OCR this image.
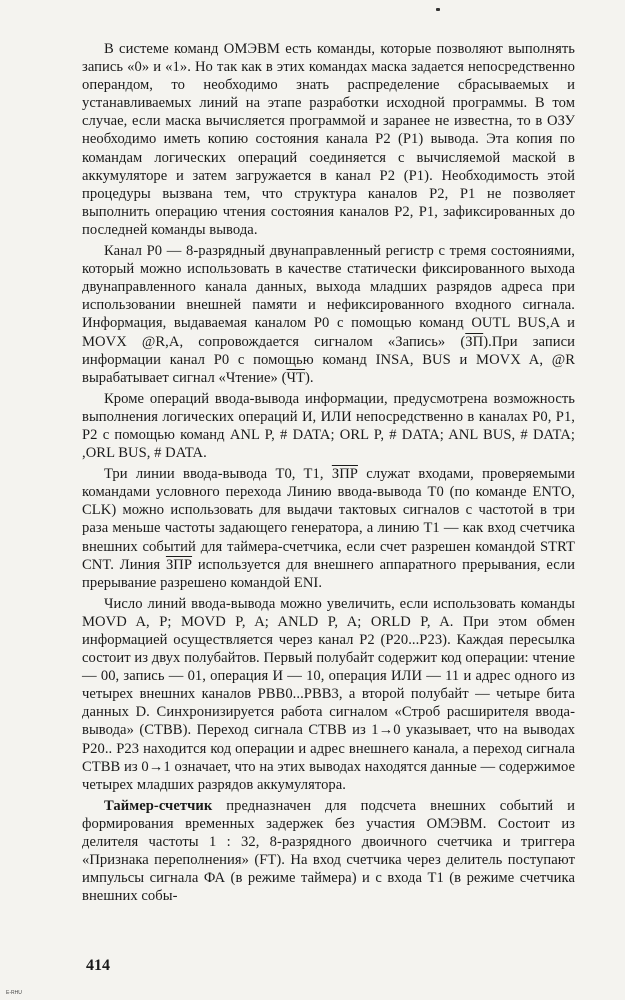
В системе команд ОМЭВМ есть команды, которые позволяют выполнять запись «0» и «1». Но так как в этих командах маска задается непосредственно операндом, то необходимо знать распределение сбрасываемых и устанавливаемых линий на этапе разработки исходной программы. В том случае, если маска вычисляется программой и заранее не известна, то в ОЗУ необходимо иметь копию состояния канала P2 (P1) вывода. Эта копия по командам логических операций соединяется с вычисляемой маской в аккумуляторе и затем загружается в канал P2 (P1). Необходимость этой процедуры вызвана тем, что структура каналов P2, P1 не позволяет выполнить операцию чтения состояния каналов P2, P1, зафиксированных до последней команды вывода.

Канал P0 — 8-разрядный двунаправленный регистр с тремя состояниями, который можно использовать в качестве статически фиксированного выхода двунаправленного канала данных, выхода младших разрядов адреса при использовании внешней памяти и нефиксированного входного сигнала. Информация, выдаваемая каналом P0 с помощью команд OUTL BUS,A и MOVX @R,A, сопровождается сигналом «Запись» (ЗП).При записи информации канал P0 с помощью команд INSA, BUS и MOVX A, @R вырабатывает сигнал «Чтение» (ЧТ).

Кроме операций ввода-вывода информации, предусмотрена возможность выполнения логических операций И, ИЛИ непосредственно в каналах P0, P1, P2 с помощью команд ANL P, # DATA; ORL P, # DATA; ANL BUS, # DATA; ,ORL BUS, # DATA.

Три линии ввода-вывода T0, T1, ЗПР служат входами, проверяемыми командами условного перехода Линию ввода-вывода T0 (по команде ENTO, CLK) можно использовать для выдачи тактовых сигналов с частотой в три раза меньше частоты задающего генератора, а линию T1 — как вход счетчика внешних событий для таймера-счетчика, если счет разрешен командой STRT CNT. Линия ЗПР используется для внешнего аппаратного прерывания, если прерывание разрешено командой ENI.

Число линий ввода-вывода можно увеличить, если использовать команды MOVD A, P; MOVD P, A; ANLD P, A; ORLD P, A. При этом обмен информацией осуществляется через канал P2 (P20...P23). Каждая пересылка состоит из двух полубайтов. Первый полубайт содержит код операции: чтение — 00, запись — 01, операция И — 10, операция ИЛИ — 11 и адрес одного из четырех внешних каналов PBB0...PBB3, а второй полубайт — четыре бита данных D. Синхронизируется работа сигналом «Строб расширителя ввода-вывода» (СТВВ). Переход сигнала СТВВ из 1→0 указывает, что на выводах P20.. P23 находится код операции и адрес внешнего канала, а переход сигнала СТВВ из 0→1 означает, что на этих выводах находятся данные — содержимое четырех младших разрядов аккумулятора.

Таймер-счетчик предназначен для подсчета внешних событий и формирования временных задержек без участия ОМЭВМ. Состоит из делителя частоты 1 : 32, 8-разрядного двоичного счетчика и триггера «Признака переполнения» (FT). На вход счетчика через делитель поступают импульсы сигнала ФА (в режиме таймера) и с входа T1 (в режиме счетчика внешних собы-

414
E-RHU
